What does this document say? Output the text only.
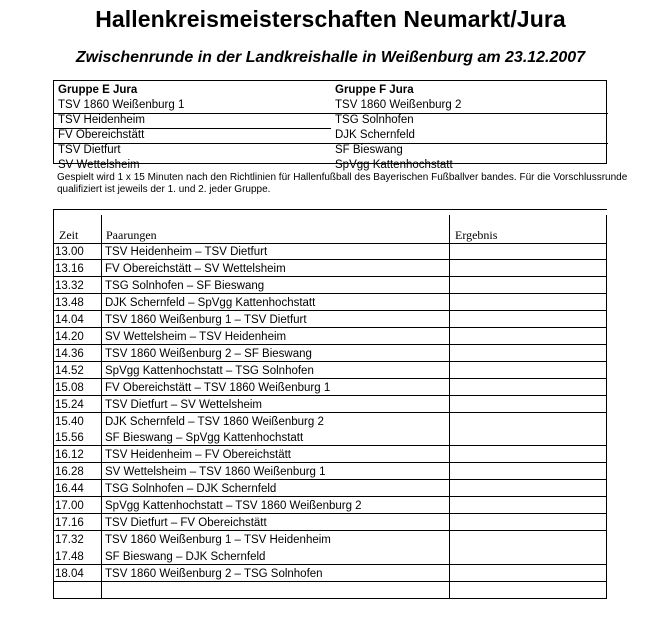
Hallenkreismeisterschaften Neumarkt/Jura
Zwischenrunde in der Landkreishalle in Weißenburg am 23.12.2007
Gruppe E Jura
TSV 1860 Weißenburg 1
TSV Heidenheim
FV Obereichstätt
TSV Dietfurt
SV Wettelsheim
Gruppe F Jura
TSV 1860 Weißenburg 2
TSG Solnhofen
DJK Schernfeld
SF Bieswang
SpVgg Kattenhochstatt
Gespielt wird 1 x 15 Minuten nach den Richtlinien für Hallenfußball des Bayerischen Fußballver bandes. Für die Vorschlussrunde qualifiziert ist jeweils der 1. und 2. jeder Gruppe.
Zeit Paarungen	Ergebnis
13.00 TSV Heidenheim – TSV Dietfurt
13.16 FV Obereichstätt – SV Wettelsheim
13.32 TSG Solnhofen – SF Bieswang
13.48 DJK Schernfeld – SpVgg Kattenhochstatt
14.04 TSV 1860 Weißenburg 1 – TSV Dietfurt
14.20 SV Wettelsheim – TSV Heidenheim
14.36 TSV 1860 Weißenburg 2 – SF Bieswang
14.52 SpVgg Kattenhochstatt – TSG Solnhofen
15.08 FV Obereichstätt – TSV 1860 Weißenburg 1
15.24 TSV Dietfurt – SV Wettelsheim
15.40 DJK Schernfeld – TSV 1860 Weißenburg 2
15.56 SF Bieswang – SpVgg Kattenhochstatt
16.12 TSV Heidenheim – FV Obereichstätt
16.28 SV Wettelsheim – TSV 1860 Weißenburg 1
16.44 TSG Solnhofen – DJK Schernfeld
17.00 SpVgg Kattenhochstatt – TSV 1860 Weißenburg 2
17.16 TSV Dietfurt – FV Obereichstätt
17.32 TSV 1860 Weißenburg 1 – TSV Heidenheim
17.48 SF Bieswang – DJK Schernfeld
18.04 TSV 1860 Weißenburg 2 – TSG Solnhofen
